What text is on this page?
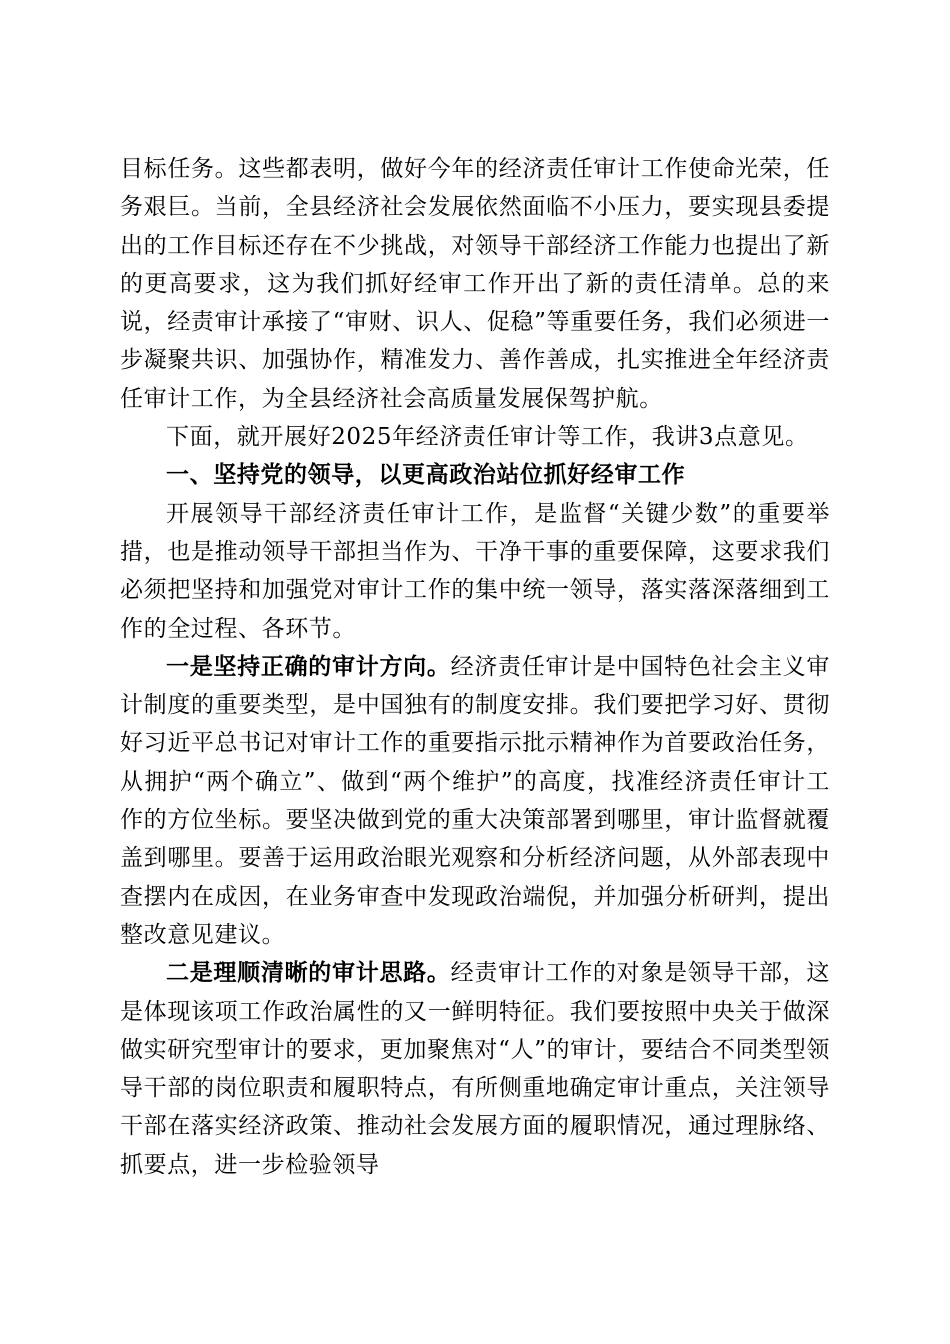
目标任务。这些都表明，做好今年的经济责任审计工作使命光荣，任务艰巨。当前，全县经济社会发展依然面临不小压力，要实现县委提出的工作目标还存在不少挑战，对领导干部经济工作能力也提出了新的更高要求，这为我们抓好经审工作开出了新的责任清单。总的来说，经责审计承接了“审财、识人、促稳”等重要任务，我们必须进一步凝聚共识、加强协作，精准发力、善作善成，扎实推进全年经济责任审计工作，为全县经济社会高质量发展保驾护航。

下面，就开展好2025年经济责任审计等工作，我讲3点意见。

一、坚持党的领导，以更高政治站位抓好经审工作

开展领导干部经济责任审计工作，是监督“关键少数”的重要举措，也是推动领导干部担当作为、干净干事的重要保障，这要求我们必须把坚持和加强党对审计工作的集中统一领导，落实落深落细到工作的全过程、各环节。

一是坚持正确的审计方向。经济责任审计是中国特色社会主义审计制度的重要类型，是中国独有的制度安排。我们要把学习好、贯彻好习近平总书记对审计工作的重要指示批示精神作为首要政治任务，从拥护“两个确立”、做到“两个维护”的高度，找准经济责任审计工作的方位坐标。要坚决做到党的重大决策部署到哪里，审计监督就覆盖到哪里。要善于运用政治眼光观察和分析经济问题，从外部表现中查摆内在成因，在业务审查中发现政治端倪，并加强分析研判，提出整改意见建议。

二是理顺清晰的审计思路。经责审计工作的对象是领导干部，这是体现该项工作政治属性的又一鲜明特征。我们要按照中央关于做深做实研究型审计的要求，更加聚焦对“人”的审计，要结合不同类型领导干部的岗位职责和履职特点，有所侧重地确定审计重点，关注领导干部在落实经济政策、推动社会发展方面的履职情况，通过理脉络、抓要点，进一步检验领导
